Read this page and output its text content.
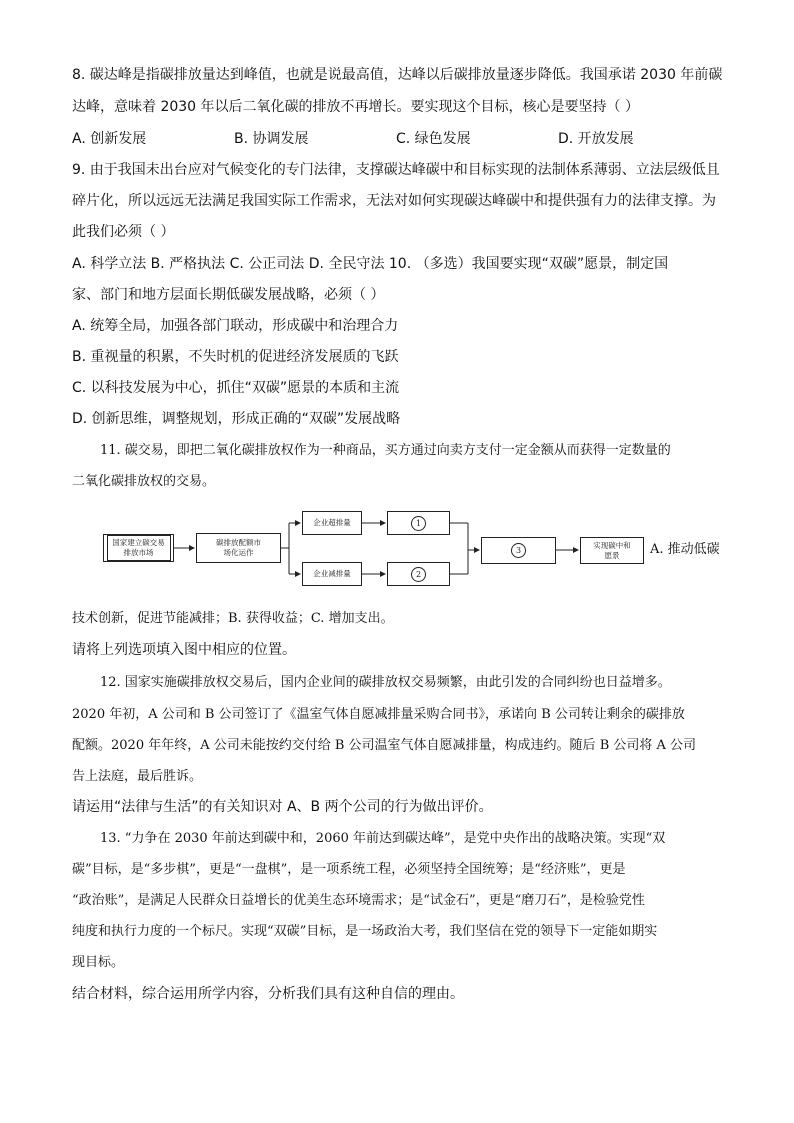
8. 碳达峰是指碳排放量达到峰值，也就是说最高值，达峰以后碳排放量逐步降低。我国承诺 2030 年前碳
达峰，意味着 2030 年以后二氧化碳的排放不再增长。要实现这个目标，核心是要坚持（ ）
A. 创新发展	B. 协调发展	C. 绿色发展	D. 开放发展
9. 由于我国未出台应对气候变化的专门法律，支撑碳达峰碳中和目标实现的法制体系薄弱、立法层级低且
碎片化，所以远远无法满足我国实际工作需求，无法对如何实现碳达峰碳中和提供强有力的法律支撑。为
此我们必须（ ）
A. 科学立法 B. 严格执法 C. 公正司法 D. 全民守法 10. （多选）我国要实现“双碳”愿景，制定国
家、部门和地方层面长期低碳发展战略，必须（ ）
A. 统筹全局，加强各部门联动，形成碳中和治理合力
B. 重视量的积累，不失时机的促进经济发展质的飞跃
C. 以科技发展为中心，抓住“双碳”愿景的本质和主流
D. 创新思维，调整规划，形成正确的“双碳”发展战略
11. 碳交易，即把二氧化碳排放权作为一种商品，买方通过向卖方支付一定金额从而获得一定数量的
二氧化碳排放权的交易。
国家建立碳交易排放市场
碳排放配额市场化运作
企业超排量
企业减排量
1
2
3
实现碳中和愿景	A. 推动低碳
技术创新，促进节能减排；B. 获得收益；C. 增加支出。
请将上列选项填入图中相应的位置。
12. 国家实施碳排放权交易后，国内企业间的碳排放权交易频繁，由此引发的合同纠纷也日益增多。
2020 年初，A 公司和 B 公司签订了《温室气体自愿减排量采购合同书》，承诺向 B 公司转让剩余的碳排放
配额。2020 年年终，A 公司未能按约交付给 B 公司温室气体自愿减排量，构成违约。随后 B 公司将 A 公司
告上法庭，最后胜诉。
请运用“法律与生活”的有关知识对 A、B 两个公司的行为做出评价。
13. “力争在 2030 年前达到碳中和，2060 年前达到碳达峰”，是党中央作出的战略决策。实现“双
碳”目标，是“多步棋”，更是“一盘棋”，是一项系统工程，必须坚持全国统筹；是“经济账”，更是
“政治账”，是满足人民群众日益增长的优美生态环境需求；是“试金石”，更是“磨刀石”，是检验党性
纯度和执行力度的一个标尺。实现“双碳”目标，是一场政治大考，我们坚信在党的领导下一定能如期实
现目标。
结合材料，综合运用所学内容，分析我们具有这种自信的理由。
